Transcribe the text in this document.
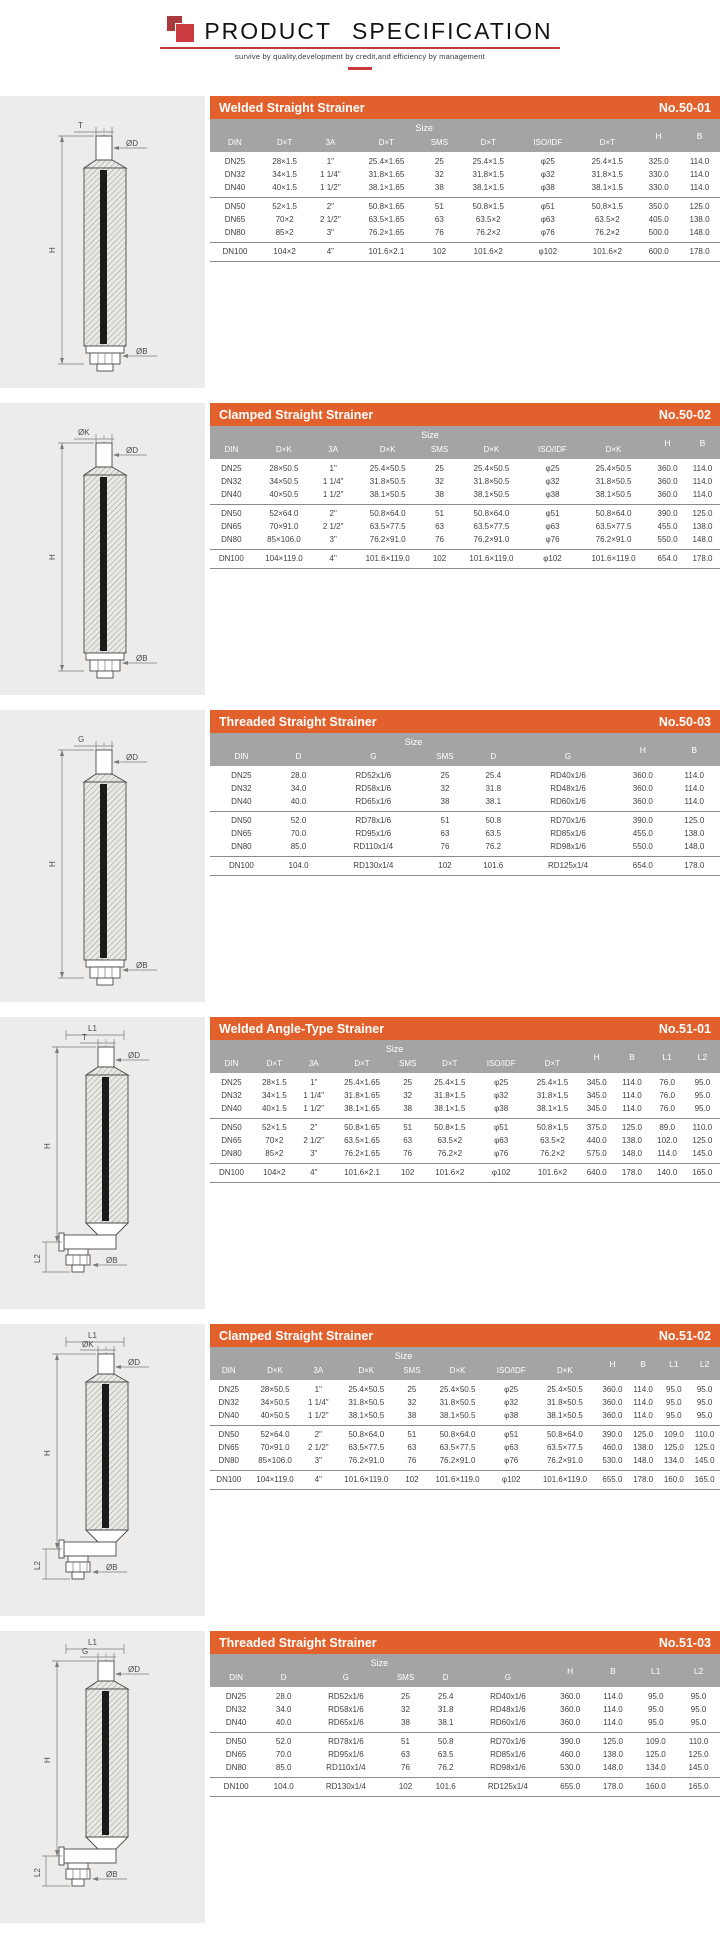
PRODUCT SPECIFICATION
survive by quality,development by credit,and efficiency by management
T
ØD
ØB
H
Welded Straight Strainer	No.50-01
Size								H	B
DIN	D×T	3A	D×T	SMS	D×T	ISO/IDF	D×T		
DN25	28×1.5	1"	25.4×1.65	25	25.4×1.5	φ25	25.4×1.5	325.0	114.0
DN32	34×1.5	1 1/4"	31.8×1.65	32	31.8×1.5	φ32	31.8×1.5	330.0	114.0
DN40	40×1.5	1 1/2"	38.1×1.65	38	38.1×1.5	φ38	38.1×1.5	330.0	114.0
DN50	52×1.5	2"	50.8×1.65	51	50.8×1.5	φ51	50.8×1.5	350.0	125.0
DN65	70×2	2 1/2"	63.5×1.65	63	63.5×2	φ63	63.5×2	405.0	138.0
DN80	85×2	3"	76.2×1.65	76	76.2×2	φ76	76.2×2	500.0	148.0
DN100	104×2	4"	101.6×2.1	102	101.6×2	φ102	101.6×2	600.0	178.0
ØK
ØD
ØB
H
Clamped Straight Strainer	No.50-02
Size								H	B
DIN	D×K	3A	D×K	SMS	D×K	ISO/IDF	D×K		
DN25	28×50.5	1"	25.4×50.5	25	25.4×50.5	φ25	25.4×50.5	360.0	114.0
DN32	34×50.5	1 1/4"	31.8×50.5	32	31.8×50.5	φ32	31.8×50.5	360.0	114.0
DN40	40×50.5	1 1/2"	38.1×50.5	38	38.1×50.5	φ38	38.1×50.5	360.0	114.0
DN50	52×64.0	2"	50.8×64.0	51	50.8×64.0	φ51	50.8×64.0	390.0	125.0
DN65	70×91.0	2 1/2"	63.5×77.5	63	63.5×77.5	φ63	63.5×77.5	455.0	138.0
DN80	85×106.0	3"	76.2×91.0	76	76.2×91.0	φ76	76.2×91.0	550.0	148.0
DN100	104×119.0	4"	101.6×119.0	102	101.6×119.0	φ102	101.6×119.0	654.0	178.0
G
ØD
ØB
H
Threaded Straight Strainer	No.50-03
Size						H	B
DIN	D	G	SMS	D	G		
DN25	28.0	RD52x1/6	25	25.4	RD40x1/6	360.0	114.0
DN32	34.0	RD58x1/6	32	31.8	RD48x1/6	360.0	114.0
DN40	40.0	RD65x1/6	38	38.1	RD60x1/6	360.0	114.0
DN50	52.0	RD78x1/6	51	50.8	RD70x1/6	390.0	125.0
DN65	70.0	RD95x1/6	63	63.5	RD85x1/6	455.0	138.0
DN80	85.0	RD110x1/4	76	76.2	RD98x1/6	550.0	148.0
DN100	104.0	RD130x1/4	102	101.6	RD125x1/4	654.0	178.0
L1
T
ØD
ØB
L2
H
Welded Angle-Type Strainer	No.51-01
Size								H	B	L1	L2
DIN	D×T	3A	D×T	SMS	D×T	ISO/IDF	D×T				
DN25	28×1.5	1"	25.4×1.65	25	25.4×1.5	φ25	25.4×1.5	345.0	114.0	76.0	95.0
DN32	34×1.5	1 1/4"	31.8×1.65	32	31.8×1.5	φ32	31.8×1.5	345.0	114.0	76.0	95.0
DN40	40×1.5	1 1/2"	38.1×1.65	38	38.1×1.5	φ38	38.1×1.5	345.0	114.0	76.0	95.0
DN50	52×1.5	2"	50.8×1.65	51	50.8×1.5	φ51	50.8×1.5	375.0	125.0	89.0	110.0
DN65	70×2	2 1/2"	63.5×1.65	63	63.5×2	φ63	63.5×2	440.0	138.0	102.0	125.0
DN80	85×2	3"	76.2×1.65	76	76.2×2	φ76	76.2×2	575.0	148.0	114.0	145.0
DN100	104×2	4"	101.6×2.1	102	101.6×2	φ102	101.6×2	640.0	178.0	140.0	165.0
L1
ØK
ØD
ØB
L2
H
Clamped Straight Strainer	No.51-02
Size								H	B	L1	L2
DIN	D×K	3A	D×K	SMS	D×K	ISO/IDF	D×K				
DN25	28×50.5	1"	25.4×50.5	25	25.4×50.5	φ25	25.4×50.5	360.0	114.0	95.0	95.0
DN32	34×50.5	1 1/4"	31.8×50.5	32	31.8×50.5	φ32	31.8×50.5	360.0	114.0	95.0	95.0
DN40	40×50.5	1 1/2"	38.1×50.5	38	38.1×50.5	φ38	38.1×50.5	360.0	114.0	95.0	95.0
DN50	52×64.0	2"	50.8×64.0	51	50.8×64.0	φ51	50.8×64.0	390.0	125.0	109.0	110.0
DN65	70×91.0	2 1/2"	63.5×77.5	63	63.5×77.5	φ63	63.5×77.5	460.0	138.0	125.0	125.0
DN80	85×106.0	3"	76.2×91.0	76	76.2×91.0	φ76	76.2×91.0	530.0	148.0	134.0	145.0
DN100	104×119.0	4"	101.6×119.0	102	101.6×119.0	φ102	101.6×119.0	655.0	178.0	160.0	165.0
L1
G
ØD
ØB
L2
H
Threaded Straight Strainer	No.51-03
Size						H	B	L1	L2
DIN	D	G	SMS	D	G				
DN25	28.0	RD52x1/6	25	25.4	RD40x1/6	360.0	114.0	95.0	95.0
DN32	34.0	RD58x1/6	32	31.8	RD48x1/6	360.0	114.0	95.0	95.0
DN40	40.0	RD65x1/6	38	38.1	RD60x1/6	360.0	114.0	95.0	95.0
DN50	52.0	RD78x1/6	51	50.8	RD70x1/6	390.0	125.0	109.0	110.0
DN65	70.0	RD95x1/6	63	63.5	RD85x1/6	460.0	138.0	125.0	125.0
DN80	85.0	RD110x1/4	76	76.2	RD98x1/6	530.0	148.0	134.0	145.0
DN100	104.0	RD130x1/4	102	101.6	RD125x1/4	655.0	178.0	160.0	165.0
